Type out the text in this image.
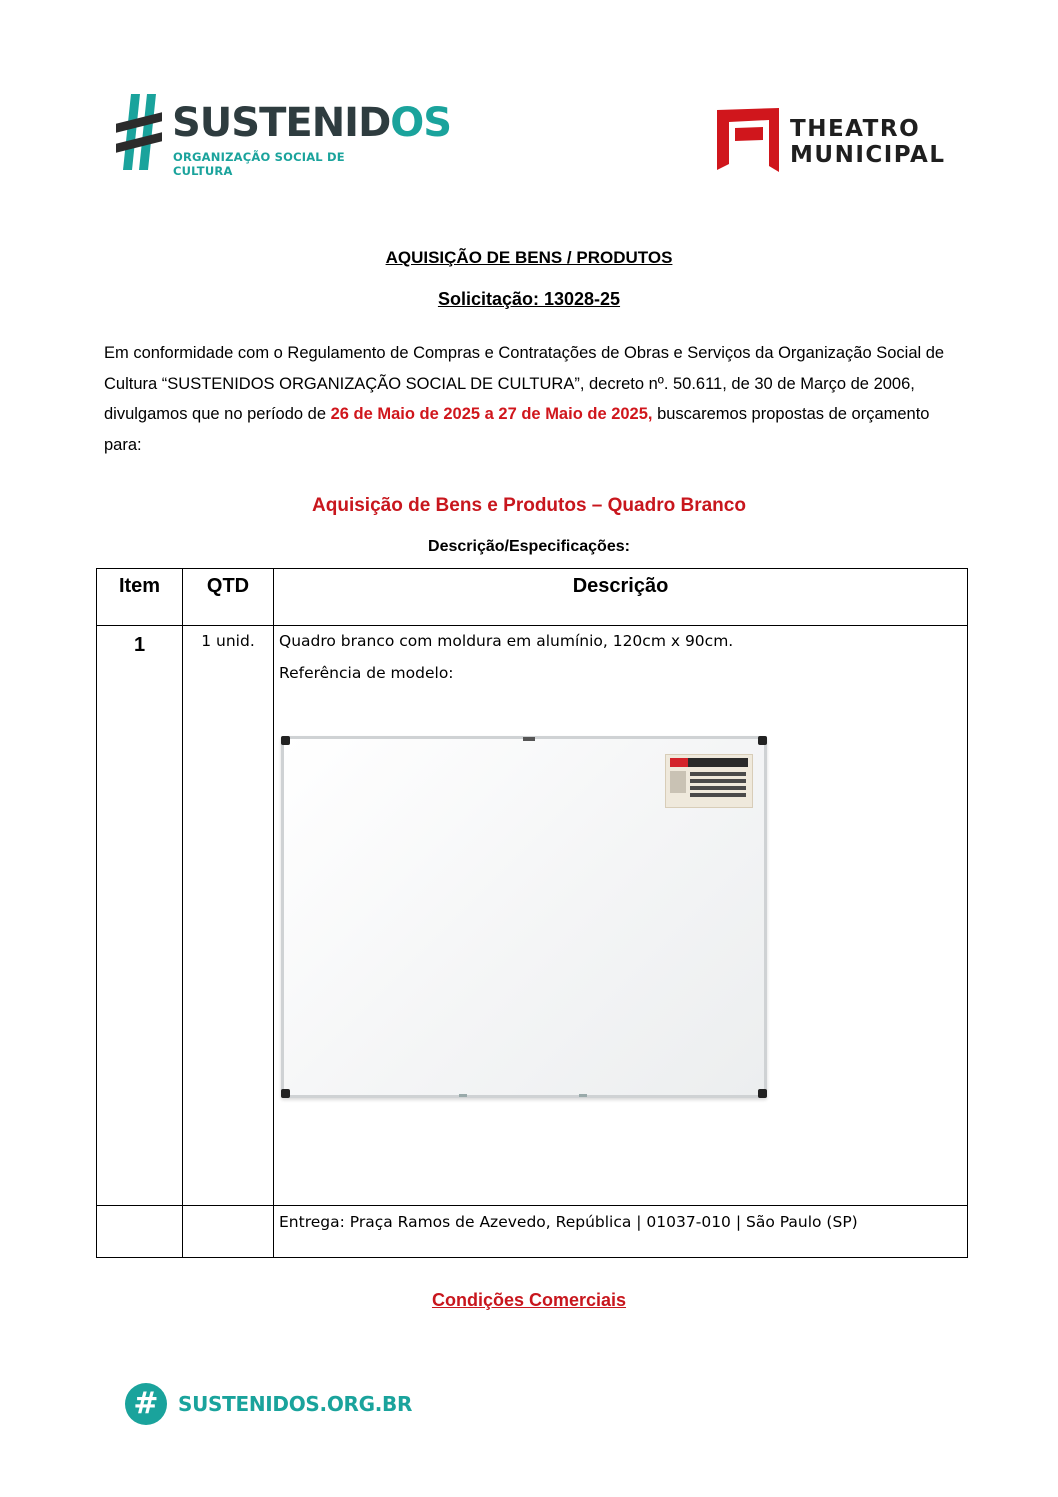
SUSTENIDOS
ORGANIZAÇÃO SOCIAL DE CULTURA
THEATRO
MUNICIPAL
AQUISIÇÃO DE BENS / PRODUTOS
Solicitação: 13028-25
Em conformidade com o Regulamento de Compras e Contratações de Obras e Serviços da Organização Social de Cultura “SUSTENIDOS ORGANIZAÇÃO SOCIAL DE CULTURA”, decreto nº. 50.611, de 30 de Março de 2006, divulgamos que no período de 26 de Maio de 2025 a 27 de Maio de 2025, buscaremos propostas de orçamento para:
Aquisição de Bens e Produtos – Quadro Branco
Descrição/Especificações:
Item	QTD	Descrição
1	1 unid.	Quadro branco com moldura em alumínio, 120cm x 90cm.

Referência de modelo:

		Entrega: Praça Ramos de Azevedo, República | 01037-010 | São Paulo (SP)
Condições Comerciais
# SUSTENIDOS.ORG.BR
